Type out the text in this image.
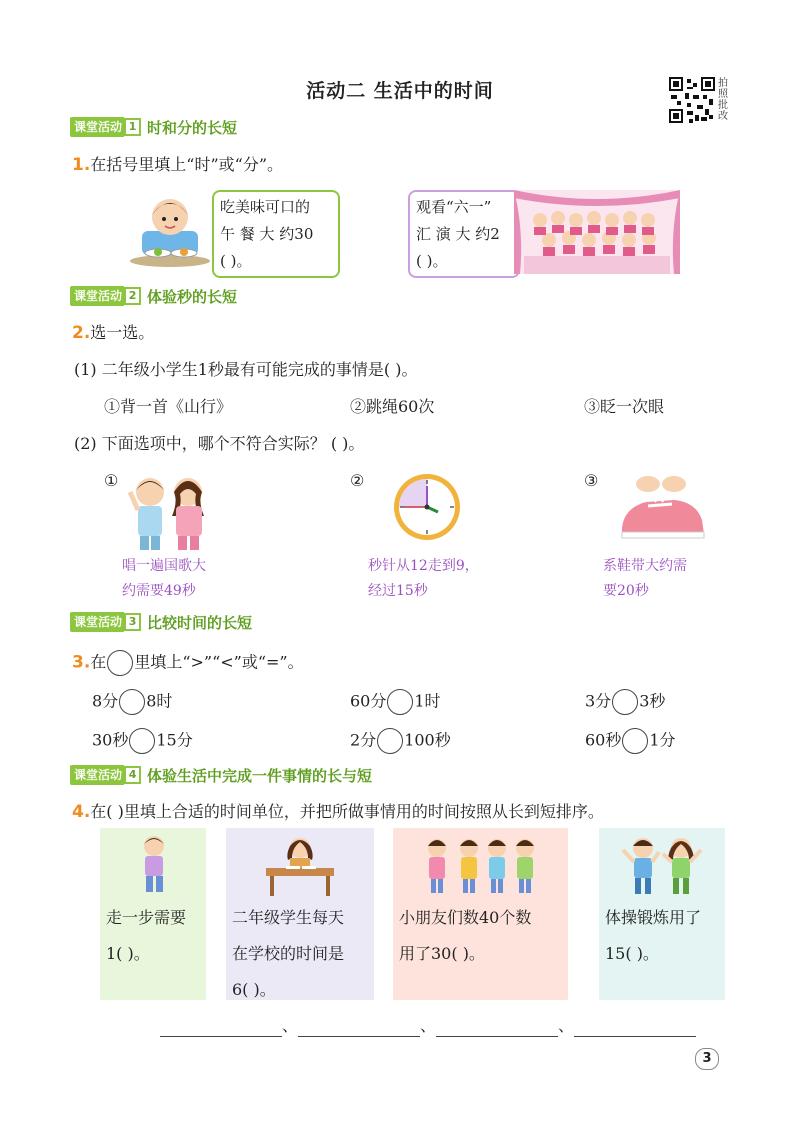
活动二 生活中的时间	拍照批改
课堂活动 1 时和分的长短
1.在括号里填上“时”或“分”。
吃美味可口的
午 餐 大 约30
( )。
观看“六一”
汇 演 大 约2
( )。
课堂活动 2 体验秒的长短
2.选一选。
(1) 二年级小学生1秒最有可能完成的事情是( )。
①背一首《山行》	②跳绳60次	③眨一次眼
(2) 下面选项中，哪个不符合实际？ ( )。
①	②	③
唱一遍国歌大
约需要49秒
秒针从12走到9，
经过15秒
系鞋带大约需
要20秒
课堂活动 3 比较时间的长短
3.在 里填上“>”“<”或“=”。
8分 8时	60分 1时	3分 3秒
30秒 15分	2分 100秒	60秒 1分
课堂活动 4 体验生活中完成一件事情的长与短
4.在( )里填上合适的时间单位，并把所做事情用的时间按照从长到短排序。
走一步需要
1( )。
二年级学生每天
在学校的时间是
6( )。
小朋友们数40个数
用了30( )。
体操锻炼用了
15( )。
、	、	、
3
